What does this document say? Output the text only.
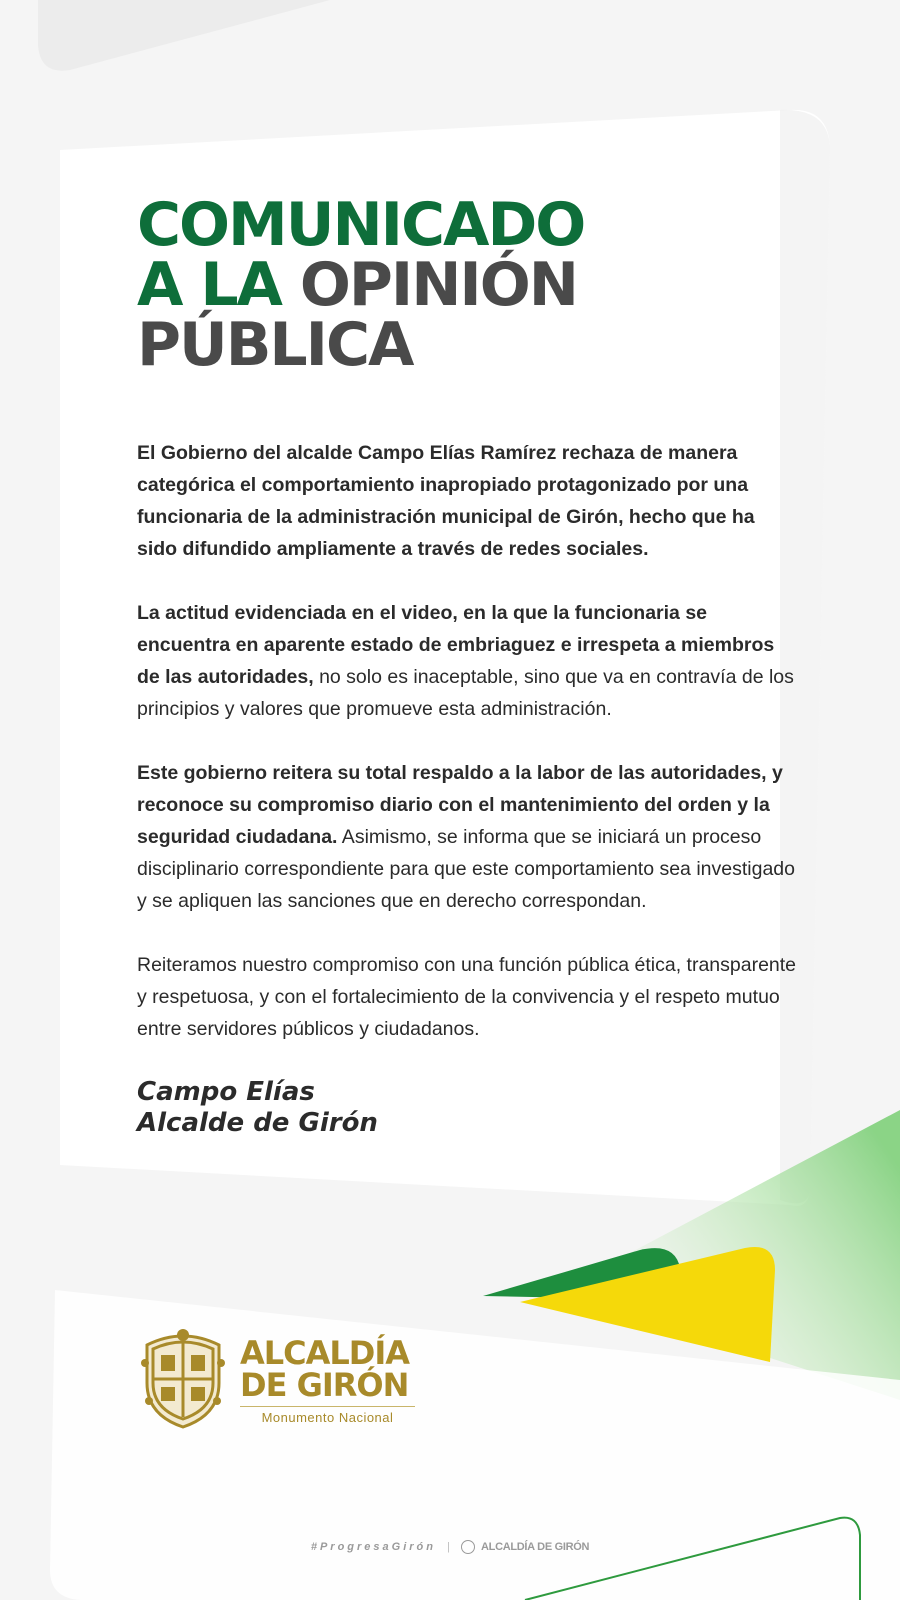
COMUNICADO
A LA OPINIÓN
PÚBLICA

El Gobierno del alcalde Campo Elías Ramírez rechaza de manera categórica el comportamiento inapropiado protagonizado por una funcionaria de la administración municipal de Girón, hecho que ha sido difundido ampliamente a través de redes sociales.

La actitud evidenciada en el video, en la que la funcionaria se encuentra en aparente estado de embriaguez e irrespeta a miembros de las autoridades, no solo es inaceptable, sino que va en contravía de los principios y valores que promueve esta administración.

Este gobierno reitera su total respaldo a la labor de las autoridades, y reconoce su compromiso diario con el mantenimiento del orden y la seguridad ciudadana. Asimismo, se informa que se iniciará un proceso disciplinario correspondiente para que este comportamiento sea investigado y se apliquen las sanciones que en derecho correspondan.

Reiteramos nuestro compromiso con una función pública ética, transparente y respetuosa, y con el fortalecimiento de la convivencia y el respeto mutuo entre servidores públicos y ciudadanos.

Campo Elías
Alcalde de Girón
ALCALDÍA
DE GIRÓN
Monumento Nacional
#ProgresaGirón |	ALCALDÍA DE GIRÓN
